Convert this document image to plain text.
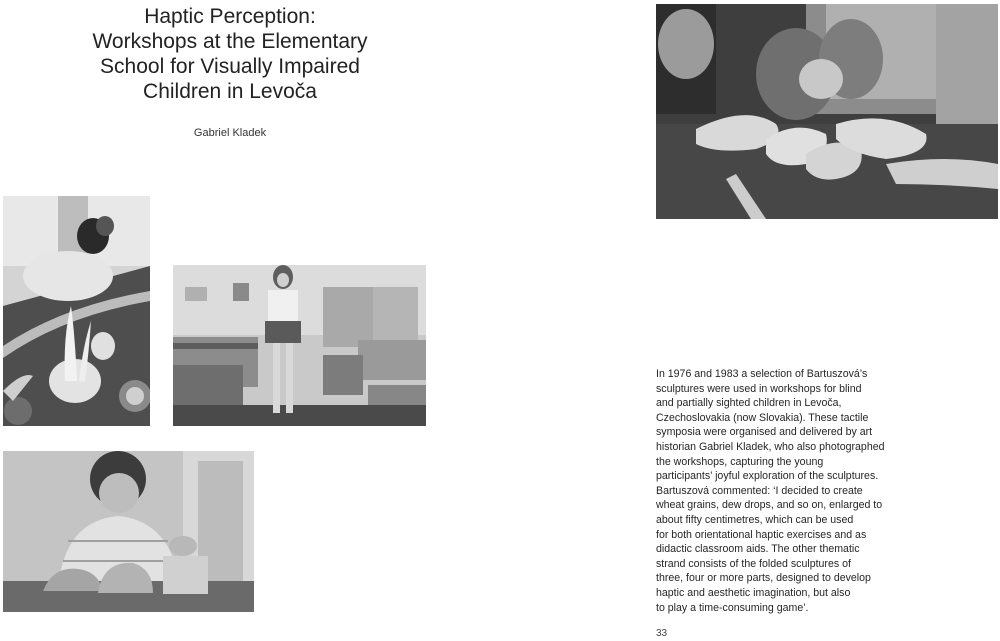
Haptic Perception:
Workshops at the Elementary
School for Visually Impaired
Children in Levoča
Gabriel Kladek
In 1976 and 1983 a selection of Bartuszová’s
sculptures were used in workshops for blind
and partially sighted children in Levoča,
Czechoslovakia (now Slovakia). These tactile
symposia were organised and delivered by art
historian Gabriel Kladek, who also photographed
the workshops, capturing the young
participants’ joyful exploration of the sculptures.
Bartuszová commented: ‘I decided to create
wheat grains, dew drops, and so on, enlarged to
about fifty centimetres, which can be used
for both orientational haptic exercises and as
didactic classroom aids. The other thematic
strand consists of the folded sculptures of
three, four or more parts, designed to develop
haptic and aesthetic imagination, but also
to play a time-consuming game’.
33
